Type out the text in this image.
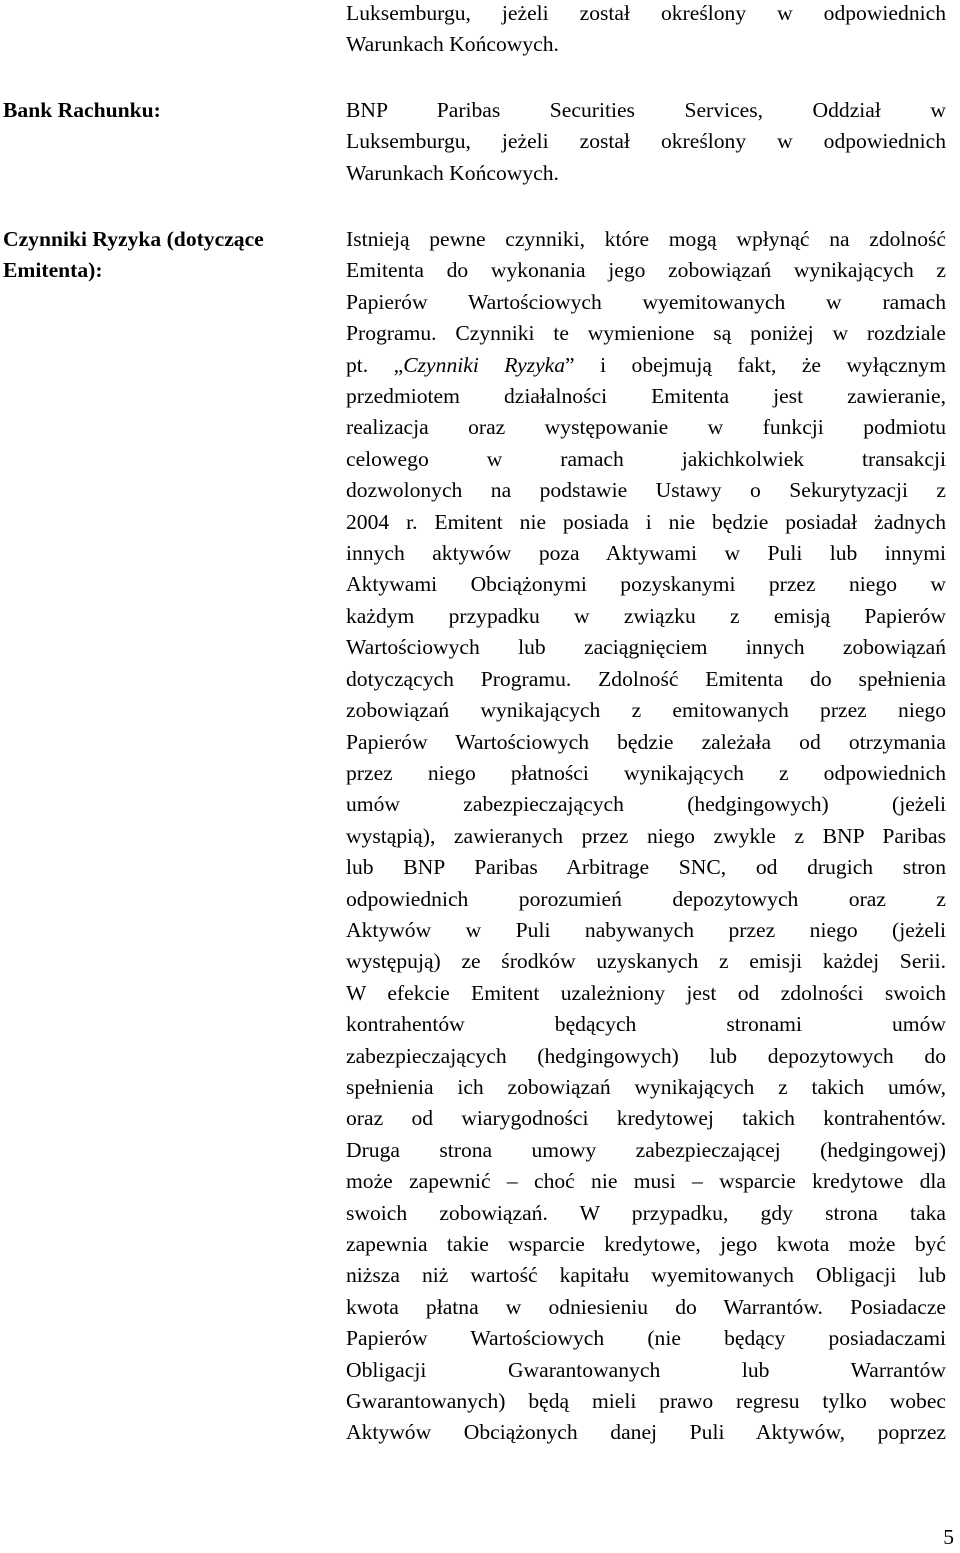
Luksemburgu, jeżeli został określony w odpowiednich
Warunkach Końcowych.
Bank Rachunku:	BNP Paribas Securities Services, Oddział w
Luksemburgu, jeżeli został określony w odpowiednich
Warunkach Końcowych.
Czynniki Ryzyka (dotyczące
Emitenta):
Istnieją pewne czynniki, które mogą wpłynąć na zdolność
Emitenta do wykonania jego zobowiązań wynikających z
Papierów Wartościowych wyemitowanych w ramach
Programu. Czynniki te wymienione są poniżej w rozdziale
pt. „Czynniki Ryzyka” i obejmują fakt, że wyłącznym
przedmiotem działalności Emitenta jest zawieranie,
realizacja oraz występowanie w funkcji podmiotu
celowego w ramach jakichkolwiek transakcji
dozwolonych na podstawie Ustawy o Sekurytyzacji z
2004 r. Emitent nie posiada i nie będzie posiadał żadnych
innych aktywów poza Aktywami w Puli lub innymi
Aktywami Obciążonymi pozyskanymi przez niego w
każdym przypadku w związku z emisją Papierów
Wartościowych lub zaciągnięciem innych zobowiązań
dotyczących Programu. Zdolność Emitenta do spełnienia
zobowiązań wynikających z emitowanych przez niego
Papierów Wartościowych będzie zależała od otrzymania
przez niego płatności wynikających z odpowiednich
umów zabezpieczających (hedgingowych) (jeżeli
wystąpią), zawieranych przez niego zwykle z BNP Paribas
lub BNP Paribas Arbitrage SNC, od drugich stron
odpowiednich porozumień depozytowych oraz z
Aktywów w Puli nabywanych przez niego (jeżeli
występują) ze środków uzyskanych z emisji każdej Serii.
W efekcie Emitent uzależniony jest od zdolności swoich
kontrahentów będących stronami umów
zabezpieczających (hedgingowych) lub depozytowych do
spełnienia ich zobowiązań wynikających z takich umów,
oraz od wiarygodności kredytowej takich kontrahentów.
Druga strona umowy zabezpieczającej (hedgingowej)
może zapewnić – choć nie musi – wsparcie kredytowe dla
swoich zobowiązań. W przypadku, gdy strona taka
zapewnia takie wsparcie kredytowe, jego kwota może być
niższa niż wartość kapitału wyemitowanych Obligacji lub
kwota płatna w odniesieniu do Warrantów. Posiadacze
Papierów Wartościowych (nie będący posiadaczami
Obligacji Gwarantowanych lub Warrantów
Gwarantowanych) będą mieli prawo regresu tylko wobec
Aktywów Obciążonych danej Puli Aktywów, poprzez
5
